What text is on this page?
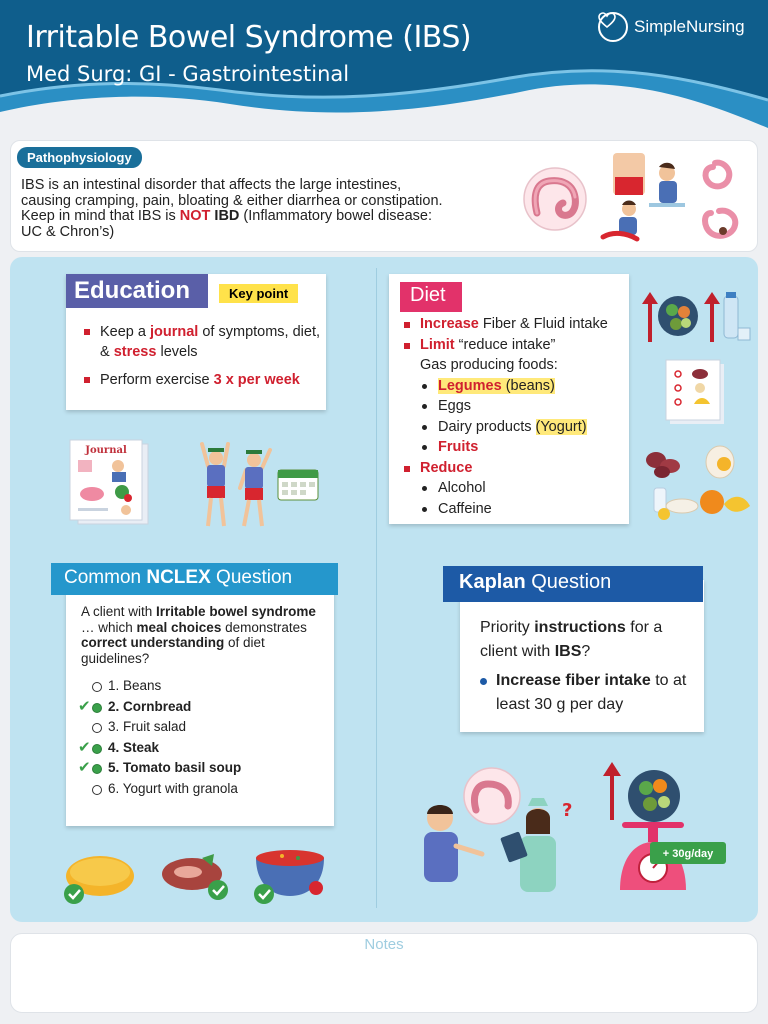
Irritable Bowel Syndrome (IBS)
Med Surg: GI - Gastrointestinal
SimpleNursing
Pathophysiology
IBS is an intestinal disorder that affects the large intestines,
causing cramping, pain, bloating & either diarrhea or constipation.
Keep in mind that IBS is NOT IBD (Inflammatory bowel disease:
UC & Chron’s)
Education	Key point
Keep a journal of symptoms, diet, & stress levels
Perform exercise 3 x per week
Journal
Diet
Increase Fiber & Fluid intake
Limit “reduce intake”
Gas producing foods:
Legumes (beans)
Eggs
Dairy products (Yogurt)
Fruits
Reduce
Alcohol
Caffeine
Common NCLEX Question
A client with Irritable bowel syndrome … which meal choices demonstrates correct understanding of diet guidelines?
1. Beans
✔ 2. Cornbread
3. Fruit salad
✔ 4. Steak
✔ 5. Tomato basil soup
6. Yogurt with granola
Kaplan Question
Priority instructions for a client with IBS?
Increase fiber intake to at least 30 g per day
?
+ 30g/day
Notes
